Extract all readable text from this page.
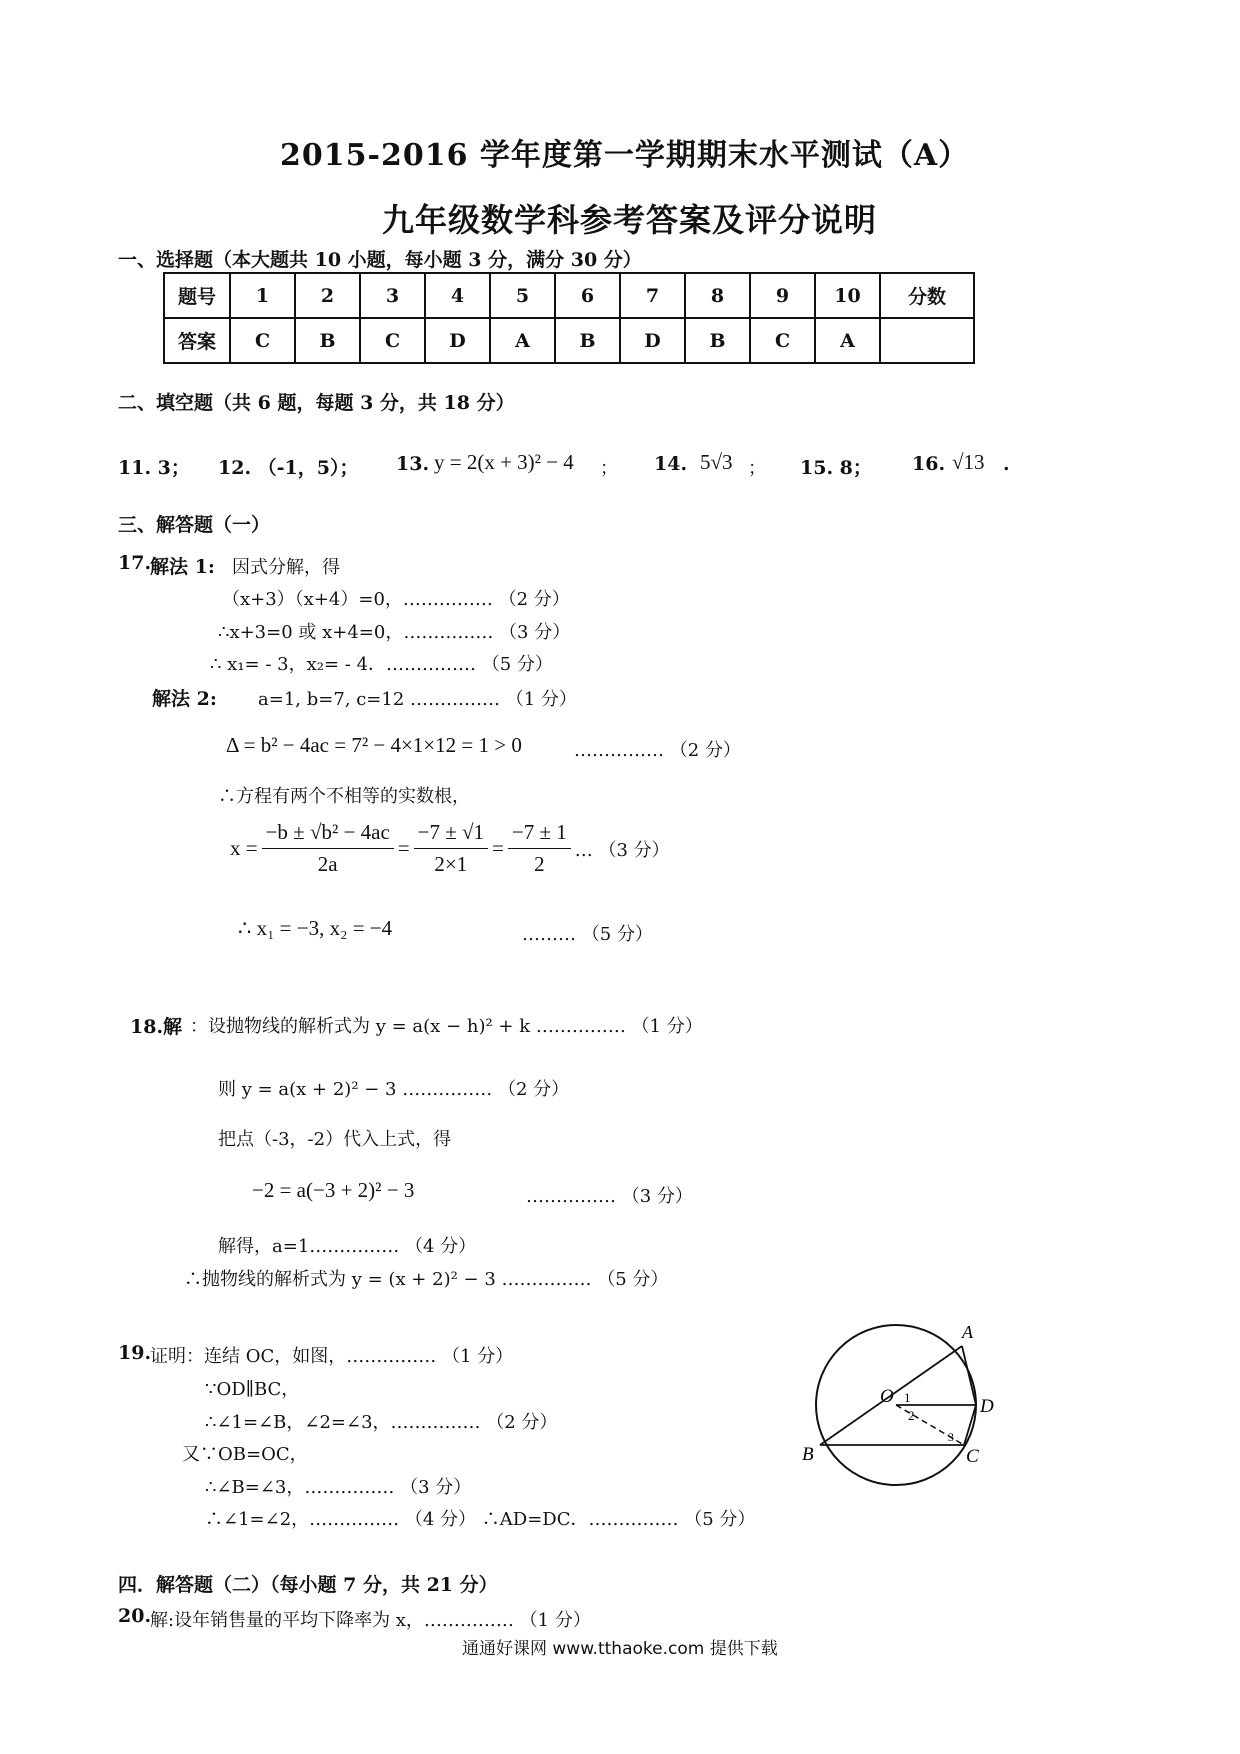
2015-2016 学年度第一学期期末水平测试（A）
九年级数学科参考答案及评分说明
一、选择题（本大题共 10 小题，每小题 3 分，满分 30 分）
题号	1	2	3	4	5	6	7	8	9	10	分数
答案	C	B	C	D	A	B	D	B	C	A	
二、填空题（共 6 题，每题 3 分，共 18 分）
11. 3； 12. （-1，5）； 13. y = 2(x + 3)² − 4 ； 14. 5√3 ； 15. 8； 16. √13 .
三、解答题（一）
17.
解法 1: 因式分解，得
（x+3）（x+4）=0，…………… （2 分）
∴x+3=0 或 x+4=0，…………… （3 分）
∴ x₁= - 3，x₂= - 4．…………… （5 分）
解法 2: a=1, b=7, c=12 …………… （1 分）
Δ = b² − 4ac = 7² − 4×1×12 = 1 > 0	…………… （2 分）
∴方程有两个不相等的实数根，
$x = \frac{\text{−b ± √b² − 4ac}}{2a} = \frac{-7 \pm √1}{2\times 1} = \frac{-7 \pm 1}{2}$ … （3 分）
∴ x₁ = −3, x₂ = −4	……… （5 分）
18.解 ：设抛物线的解析式为 y = a(x − h)² + k …………… （1 分）
则 y = a(x + 2)² − 3 …………… （2 分）
把点（-3，-2）代入上式，得
−2 = a(−3 + 2)² − 3	…………… （3 分）
解得，a=1…………… （4 分）
∴抛物线的解析式为 y = (x + 2)² − 3 …………… （5 分）
19.
证明：连结 OC，如图，…………… （1 分）
∵OD∥BC，
∴∠1=∠B，∠2=∠3，…………… （2 分）
又∵OB=OC，
∴∠B=∠3，…………… （3 分）
∴∠1=∠2，…………… （4 分） ∴AD=DC．…………… （5 分）
A
O	D
B	C
1
2
3
四．解答题（二）（每小题 7 分，共 21 分）
20.
解:设年销售量的平均下降率为 x，…………… （1 分）
通通好课网 www.tthaoke.com 提供下载
